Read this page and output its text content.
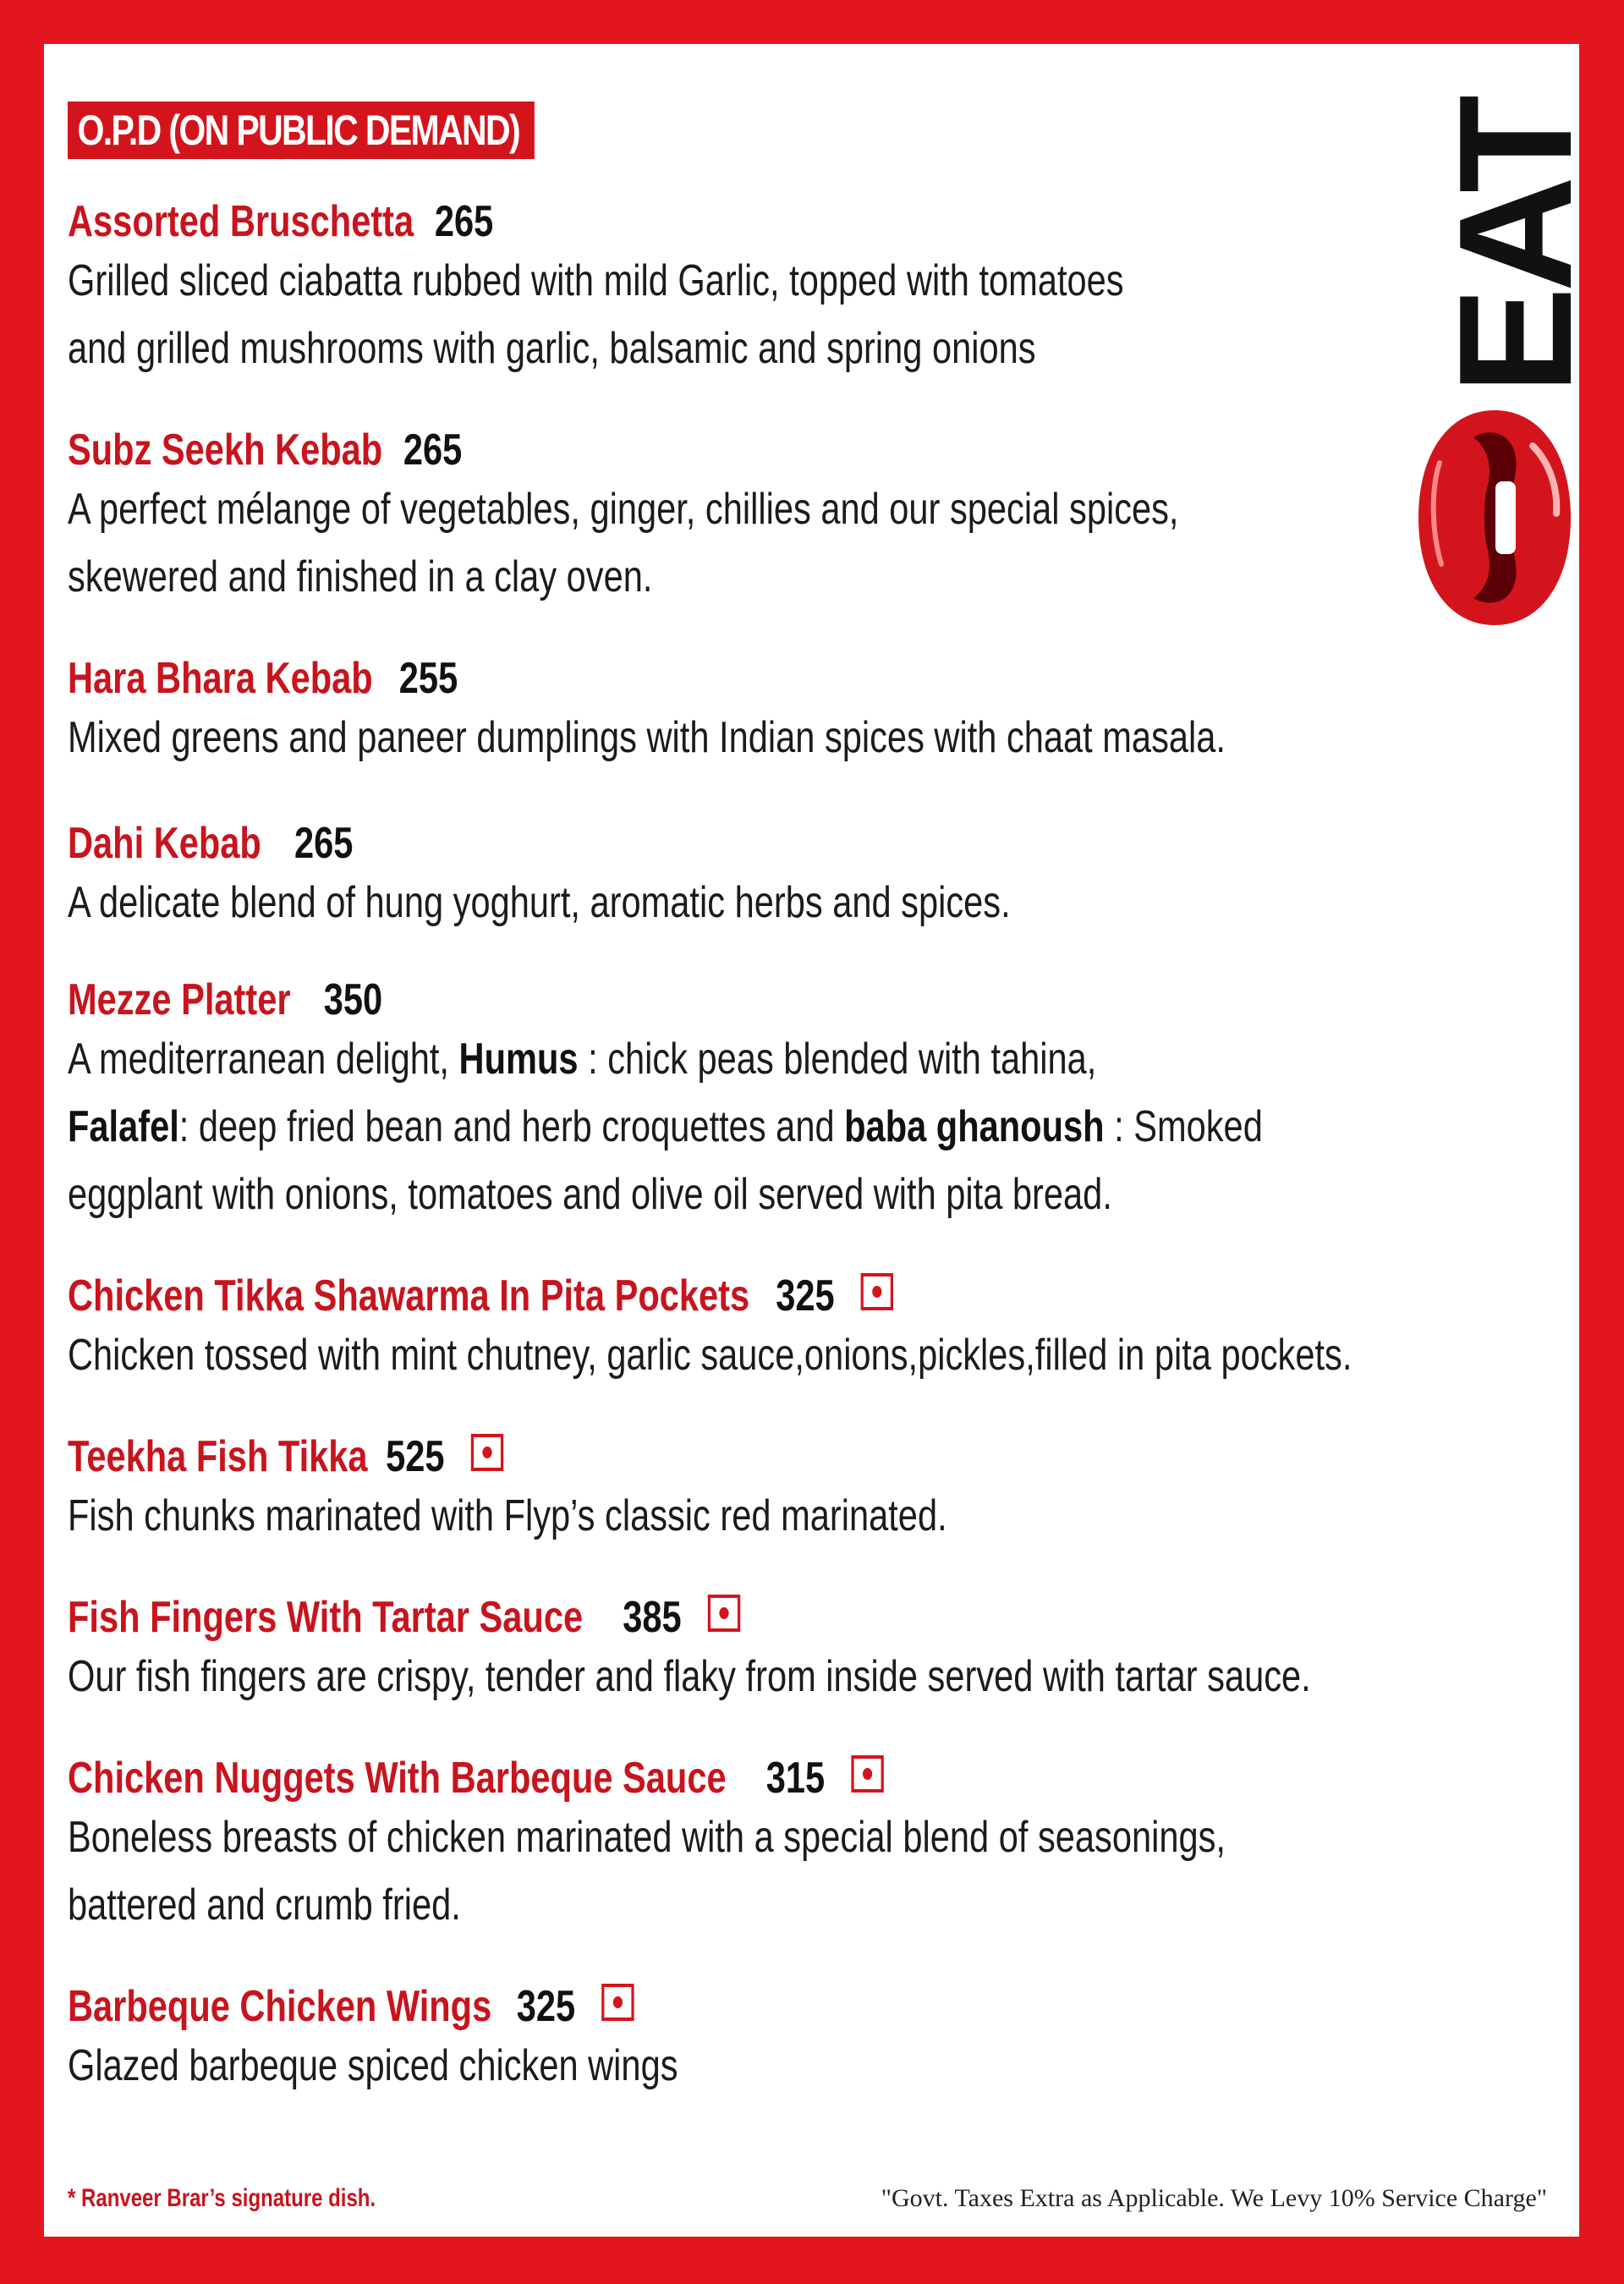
O.P.D (ON PUBLIC DEMAND)	EAT
Assorted Bruschetta 265
Grilled sliced ciabatta rubbed with mild Garlic, topped with tomatoes
and grilled mushrooms with garlic, balsamic and spring onions
Subz Seekh Kebab 265
A perfect mélange of vegetables, ginger, chillies and our special spices,
skewered and finished in a clay oven.
Hara Bhara Kebab 255
Mixed greens and paneer dumplings with Indian spices with chaat masala.
Dahi Kebab 265
A delicate blend of hung yoghurt, aromatic herbs and spices.
Mezze Platter 350
A mediterranean delight, Humus : chick peas blended with tahina,
Falafel: deep fried bean and herb croquettes and baba ghanoush : Smoked
eggplant with onions, tomatoes and olive oil served with pita bread.
Chicken Tikka Shawarma In Pita Pockets 325
Chicken tossed with mint chutney, garlic sauce,onions,pickles,filled in pita pockets.
Teekha Fish Tikka 525
Fish chunks marinated with Flyp’s classic red marinated.
Fish Fingers With Tartar Sauce 385
Our fish fingers are crispy, tender and flaky from inside served with tartar sauce.
Chicken Nuggets With Barbeque Sauce 315
Boneless breasts of chicken marinated with a special blend of seasonings,
battered and crumb fried.
Barbeque Chicken Wings 325
Glazed barbeque spiced chicken wings
* Ranveer Brar’s signature dish.	"Govt. Taxes Extra as Applicable. We Levy 10% Service Charge"
